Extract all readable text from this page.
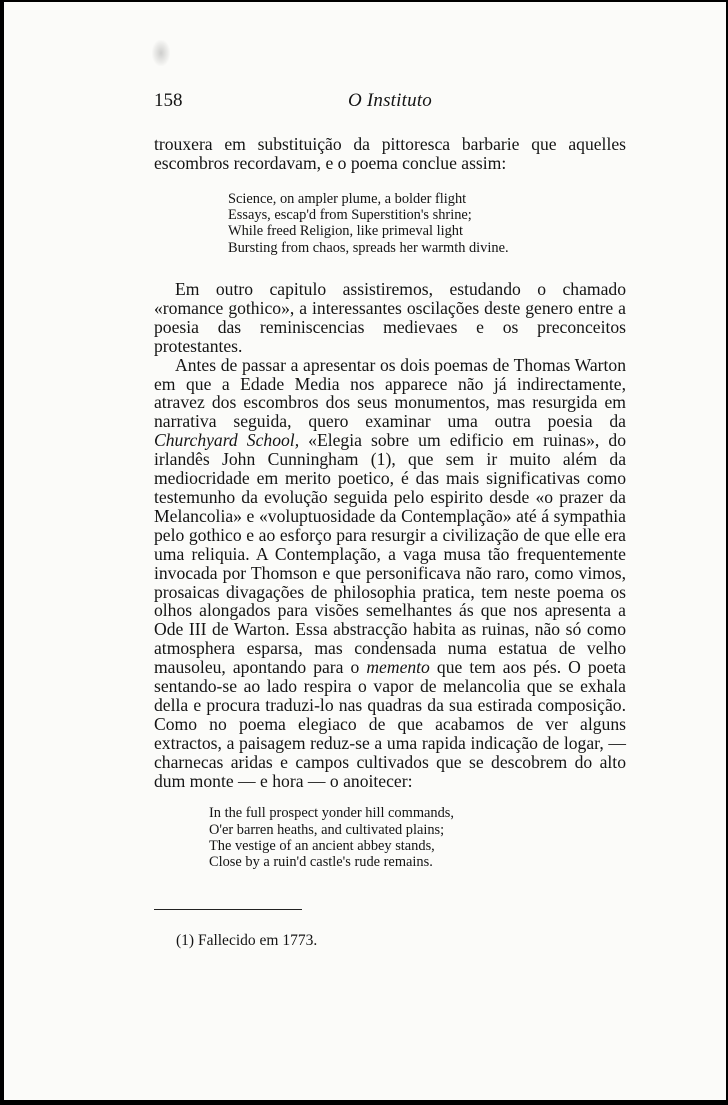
158	O Instituto

trouxera em substituição da pittoresca barbarie que aquelles escombros recordavam, e o poema conclue assim:

Science, on ampler plume, a bolder flight
Essays, escap'd from Superstition's shrine;
While freed Religion, like primeval light
Bursting from chaos, spreads her warmth divine.

Em outro capitulo assistiremos, estudando o chamado «romance gothico», a interessantes oscilações deste genero entre a poesia das reminiscencias medievaes e os preconceitos protestantes.

Antes de passar a apresentar os dois poemas de Thomas Warton em que a Edade Media nos apparece não já indirectamente, atravez dos escombros dos seus monumentos, mas resurgida em narrativa seguida, quero examinar uma outra poesia da Churchyard School, «Elegia sobre um edificio em ruinas», do irlandês John Cunningham (1), que sem ir muito além da mediocridade em merito poetico, é das mais significativas como testemunho da evolução seguida pelo espirito desde «o prazer da Melancolia» e «voluptuosidade da Contemplação» até á sympathia pelo gothico e ao esforço para resurgir a civilização de que elle era uma reliquia. A Contemplação, a vaga musa tão frequentemente invocada por Thomson e que personificava não raro, como vimos, prosaicas divagações de philosophia pratica, tem neste poema os olhos alongados para visões semelhantes ás que nos apresenta a Ode III de Warton. Essa abstracção habita as ruinas, não só como atmosphera esparsa, mas condensada numa estatua de velho mausoleu, apontando para o memento que tem aos pés. O poeta sentando-se ao lado respira o vapor de melancolia que se exhala della e procura traduzi-lo nas quadras da sua estirada composição. Como no poema elegiaco de que acabamos de ver alguns extractos, a paisagem reduz-se a uma rapida indicação de logar, — charnecas aridas e campos cultivados que se descobrem do alto dum monte — e hora — o anoitecer:

In the full prospect yonder hill commands,
O'er barren heaths, and cultivated plains;
The vestige of an ancient abbey stands,
Close by a ruin'd castle's rude remains.
(1) Fallecido em 1773.
